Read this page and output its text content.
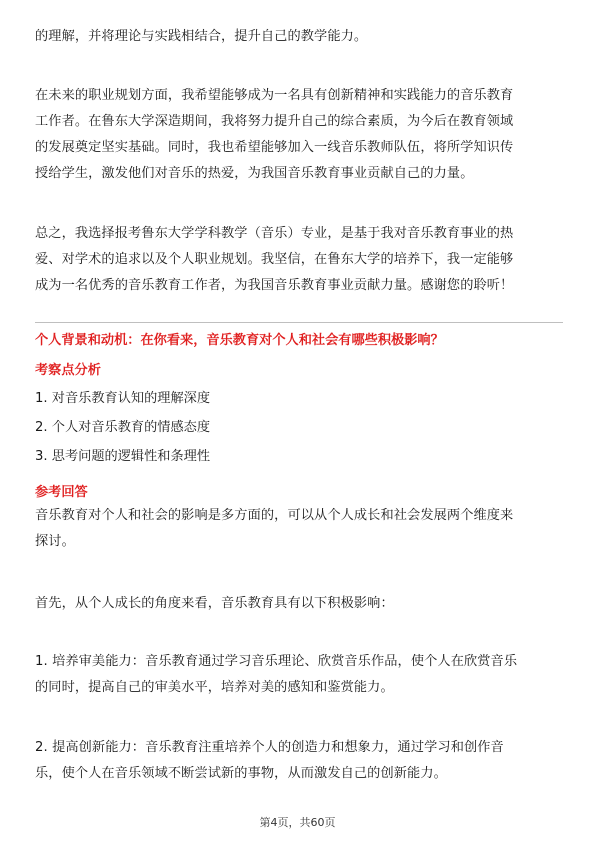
的理解，并将理论与实践相结合，提升自己的教学能力。
在未来的职业规划方面，我希望能够成为一名具有创新精神和实践能力的音乐教育
工作者。在鲁东大学深造期间，我将努力提升自己的综合素质，为今后在教育领域
的发展奠定坚实基础。同时，我也希望能够加入一线音乐教师队伍，将所学知识传
授给学生，激发他们对音乐的热爱，为我国音乐教育事业贡献自己的力量。
总之，我选择报考鲁东大学学科教学（音乐）专业，是基于我对音乐教育事业的热
爱、对学术的追求以及个人职业规划。我坚信，在鲁东大学的培养下，我一定能够
成为一名优秀的音乐教育工作者，为我国音乐教育事业贡献力量。感谢您的聆听！
个人背景和动机：在你看来，音乐教育对个人和社会有哪些积极影响？
考察点分析
1. 对音乐教育认知的理解深度
2. 个人对音乐教育的情感态度
3. 思考问题的逻辑性和条理性
参考回答
音乐教育对个人和社会的影响是多方面的，可以从个人成长和社会发展两个维度来
探讨。
首先，从个人成长的角度来看，音乐教育具有以下积极影响：
1. 培养审美能力：音乐教育通过学习音乐理论、欣赏音乐作品，使个人在欣赏音乐
的同时，提高自己的审美水平，培养对美的感知和鉴赏能力。
2. 提高创新能力：音乐教育注重培养个人的创造力和想象力，通过学习和创作音
乐，使个人在音乐领域不断尝试新的事物，从而激发自己的创新能力。
第4页，共60页
